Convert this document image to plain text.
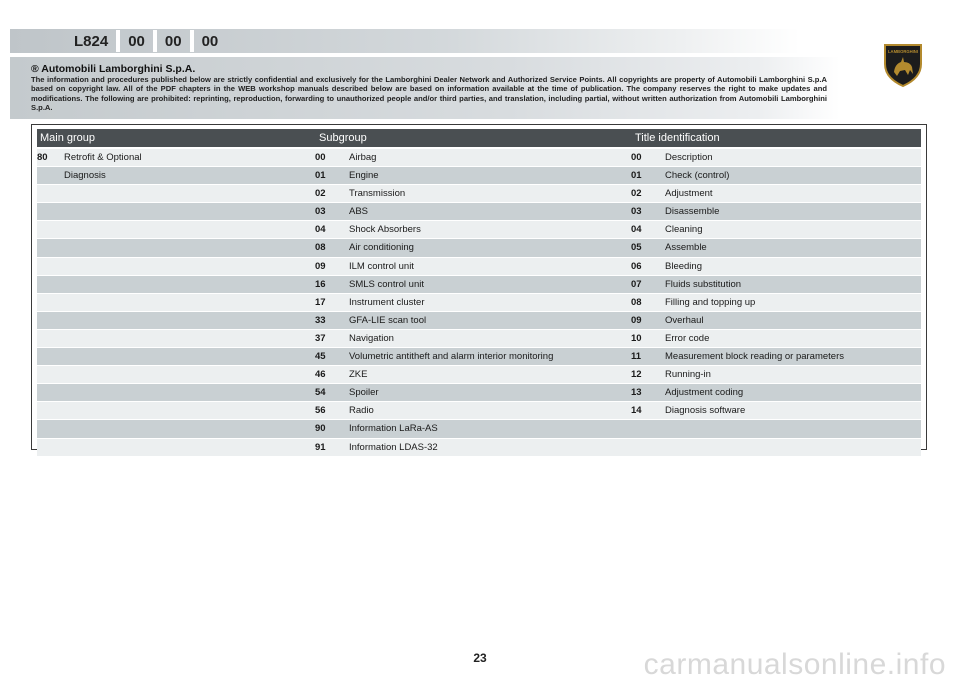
L824	00	00	00
® Automobili Lamborghini S.p.A.
The information and procedures published below are strictly confidential and exclusively for the Lamborghini Dealer Network and Authorized Service Points. All copyrights are property of Automobili Lamborghini S.p.A based on copyright law. All of the PDF chapters in the WEB workshop manuals described below are based on information available at the time of publication. The company reserves the right to make updates and modifications. The following are prohibited: reprinting, reproduction, forwarding to unauthorized people and/or third parties, and translation, including partial, without written authorization from Automobili Lamborghini S.p.A.
LAMBORGHINI
Main group	Subgroup	Title identification
80 Retrofit & Optional	00 Airbag	00 Description
Diagnosis	01 Engine	01 Check (control)
02 Transmission	02 Adjustment
03 ABS	03 Disassemble
04 Shock Absorbers	04 Cleaning
08 Air conditioning	05 Assemble
09 ILM control unit	06 Bleeding
16 SMLS control unit	07 Fluids substitution
17 Instrument cluster	08 Filling and topping up
33 GFA-LIE scan tool	09 Overhaul
37 Navigation	10 Error code
45 Volumetric antitheft and alarm interior monitoring	11	Measurement block reading or parameters
46 ZKE	12 Running-in
54 Spoiler	13 Adjustment coding
56 Radio	14 Diagnosis software
90 Information LaRa-AS
91 Information LDAS-32
23	carmanualsonline.info
